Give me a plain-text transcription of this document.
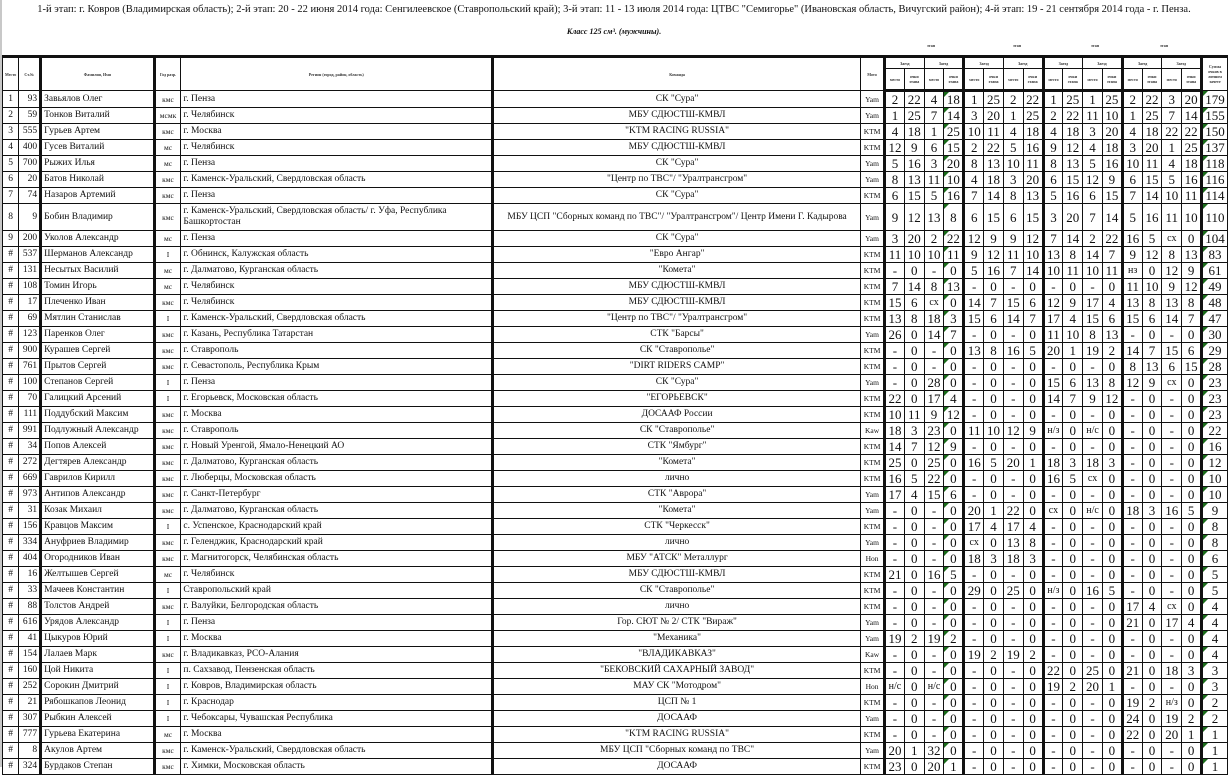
1-й этап: г. Ковров (Владимирская область); 2-й этап: 20 - 22 июня 2014 года: Сенгилеевское (Ставропольский край); 3-й этап: 11 - 13 июля 2014 года: ЦТВС "Семигорье" (Ивановская область, Вичугский район); 4-й этап: 19 - 21 сентября 2014 года - г. Пенза.
Класс 125 см³. (мужчины).
этап	этап	этап	этап
Место	Ст.№	Фамилия, Имя	Год разр.	Регион (город, район, область)	Команда	Мото	Заезд		Заезд		Заезд		Заезд		Заезд		Заезд		Заезд		Заезд		Сумма очков в личном зачете
							место	очки этапа	место	очки этапа	место	очки этапа	место	очки этапа	место	очки этапа	место	очки этапа	место	очки этапа	место	очки этапа	
1	93	Завьялов Олег	кмс	г. Пенза	СК "Сура"	Yam	2	22	4	18	1	25	2	22	1	25	1	25	2	22	3	20	179
2	59	Тонков Виталий	мсмк	г. Челябинск	МБУ СДЮСТШ-КМВЛ	Yam	1	25	7	14	3	20	1	25	2	22	11	10	1	25	7	14	155
3	555	Гурьев Артем	кмс	г. Москва	"KTM RACING RUSSIA"	KTM	4	18	1	25	10	11	4	18	4	18	3	20	4	18	22	22	150
4	400	Гусев Виталий	мс	г. Челябинск	МБУ СДЮСТШ-КМВЛ	KTM	12	9	6	15	2	22	5	16	9	12	4	18	3	20	1	25	137
5	700	Рыжих Илья	мс	г. Пенза	СК "Сура"	Yam	5	16	3	20	8	13	10	11	8	13	5	16	10	11	4	18	118
6	20	Батов Николай	кмс	г. Каменск-Уральский, Свердловская область	"Центр по ТВС"/ "Уралтрансгром"	Yam	8	13	11	10	4	18	3	20	6	15	12	9	6	15	5	16	116
7	74	Назаров Артемий	кмс	г. Пенза	СК "Сура"	KTM	6	15	5	16	7	14	8	13	5	16	6	15	7	14	10	11	114
8	9	Бобин Владимир	кмс	г. Каменск-Уральский, Свердловская область/ г. Уфа, Республика Башкортостан	МБУ ЦСП "Сборных команд по ТВС"/ "Уралтрансгром"/ Центр Имени Г. Кадырова	Yam	9	12	13	8	6	15	6	15	3	20	7	14	5	16	11	10	110
9	200	Уколов Александр	мс	г. Пенза	СК "Сура"	Yam	3	20	2	22	12	9	9	12	7	14	2	22	16	5	сх	0	104
#	537	Шерманов Александр	I	г. Обнинск, Калужская область	"Евро Ангар"	KTM	11	10	10	11	9	12	11	10	13	8	14	7	9	12	8	13	83
#	131	Несытых Василий	мс	г. Далматово, Курганская область	"Комета"	KTM	-	0	-	0	5	16	7	14	10	11	10	11	нз	0	12	9	61
#	108	Томин Игорь	мс	г. Челябинск	МБУ СДЮСТШ-КМВЛ	KTM	7	14	8	13	-	0	-	0	-	0	-	0	11	10	9	12	49
#	17	Плеченко Иван	кмс	г. Челябинск	МБУ СДЮСТШ-КМВЛ	KTM	15	6	сх	0	14	7	15	6	12	9	17	4	13	8	13	8	48
#	69	Мятлин Станислав	I	г. Каменск-Уральский, Свердловская область	"Центр по ТВС"/ "Уралтрансгром"	KTM	13	8	18	3	15	6	14	7	17	4	15	6	15	6	14	7	47
#	123	Паренков Олег	кмс	г. Казань, Республика Татарстан	СТК "Барсы"	Yam	26	0	14	7	-	0	-	0	11	10	8	13	-	0	-	0	30
#	900	Курашев Сергей	кмс	г. Ставрополь	СК "Ставрополье"	KTM	-	0	-	0	13	8	16	5	20	1	19	2	14	7	15	6	29
#	761	Прытов Сергей	кмс	г. Севастополь, Республика Крым	"DIRT RIDERS CAMP"	KTM	-	0	-	0	-	0	-	0	-	0	-	0	8	13	6	15	28
#	100	Степанов Сергей	I	г. Пенза	СК "Сура"	Yam	-	0	28	0	-	0	-	0	15	6	13	8	12	9	сх	0	23
#	70	Галицкий Арсений	I	г. Егорьевск, Московская область	"ЕГОРЬЕВСК"	KTM	22	0	17	4	-	0	-	0	14	7	9	12	-	0	-	0	23
#	111	Поддубский Максим	кмс	г. Москва	ДОСААФ России	KTM	10	11	9	12	-	0	-	0	-	0	-	0	-	0	-	0	23
#	991	Подлужный Александр	кмс	г. Ставрополь	СК "Ставрополье"	Kaw	18	3	23	0	11	10	12	9	н/з	0	н/с	0	-	0	-	0	22
#	34	Попов Алексей	кмс	г. Новый Уренгой, Ямало-Ненецкий АО	СТК "Ямбург"	KTM	14	7	12	9	-	0	-	0	-	0	-	0	-	0	-	0	16
#	272	Дегтярев Александр	кмс	г. Далматово, Курганская область	"Комета"	KTM	25	0	25	0	16	5	20	1	18	3	18	3	-	0	-	0	12
#	669	Гаврилов Кирилл	кмс	г. Люберцы, Московская область	лично	KTM	16	5	22	0	-	0	-	0	16	5	сх	0	-	0	-	0	10
#	973	Антипов Александр	кмс	г. Санкт-Петербург	СТК "Аврора"	Yam	17	4	15	6	-	0	-	0	-	0	-	0	-	0	-	0	10
#	31	Козак Михаил	кмс	г. Далматово, Курганская область	"Комета"	Yam	-	0	-	0	20	1	22	0	сх	0	н/с	0	18	3	16	5	9
#	156	Кравцов Максим	I	с. Успенское, Краснодарский край	СТК "Черкесск"	KTM	-	0	-	0	17	4	17	4	-	0	-	0	-	0	-	0	8
#	334	Ануфриев Владимир	кмс	г. Геленджик, Краснодарский край	лично	Yam	-	0	-	0	сх	0	13	8	-	0	-	0	-	0	-	0	8
#	404	Огородников Иван	кмс	г. Магнитогорск, Челябинская область	МБУ "АТСК" Металлург	Hon	-	0	-	0	18	3	18	3	-	0	-	0	-	0	-	0	6
#	16	Желтышев Сергей	мс	г. Челябинск	МБУ СДЮСТШ-КМВЛ	KTM	21	0	16	5	-	0	-	0	-	0	-	0	-	0	-	0	5
#	33	Мачеев Константин	I	Ставропольский край	СК "Ставрополье"	KTM	-	0	-	0	29	0	25	0	н/з	0	16	5	-	0	-	0	5
#	88	Толстов Андрей	кмс	г. Валуйки, Белгородская область	лично	KTM	-	0	-	0	-	0	-	0	-	0	-	0	17	4	сх	0	4
#	616	Урядов Александр	I	г. Пенза	Гор. СЮТ № 2/ СТК "Вираж"	Yam	-	0	-	0	-	0	-	0	-	0	-	0	21	0	17	4	4
#	41	Цыкуров Юрий	I	г. Москва	"Механика"	Yam	19	2	19	2	-	0	-	0	-	0	-	0	-	0	-	0	4
#	154	Лалаев Марк	кмс	г. Владикавказ, РСО-Алания	"ВЛАДИКАВКАЗ"	Kaw	-	0	-	0	19	2	19	2	-	0	-	0	-	0	-	0	4
#	160	Цой Никита	I	п. Сахзавод, Пензенская область	"БЕКОВСКИЙ САХАРНЫЙ ЗАВОД"	KTM	-	0	-	0	-	0	-	0	22	0	25	0	21	0	18	3	3
#	252	Сорокин Дмитрий	I	г. Ковров, Владимирская область	МАУ СК "Мотодром"	Hon	н/с	0	н/с	0	-	0	-	0	19	2	20	1	-	0	-	0	3
#	21	Рябошкапов Леонид	I	г. Краснодар	ЦСП № 1	KTM	-	0	-	0	-	0	-	0	-	0	-	0	19	2	н/з	0	2
#	307	Рыбкин Алексей	I	г. Чебоксары, Чувашская Республика	ДОСААФ	Yam	-	0	-	0	-	0	-	0	-	0	-	0	24	0	19	2	2
#	777	Гурьева Екатерина	мс	г. Москва	"KTM RACING RUSSIA"	KTM	-	0	-	0	-	0	-	0	-	0	-	0	22	0	20	1	1
#	8	Акулов Артем	кмс	г. Каменск-Уральский, Свердловская область	МБУ ЦСП "Сборных команд по ТВС"	Yam	20	1	32	0	-	0	-	0	-	0	-	0	-	0	-	0	1
#	324	Бурдаков Степан	кмс	г. Химки, Московская область	ДОСААФ	KTM	23	0	20	1	-	0	-	0	-	0	-	0	-	0	-	0	1
